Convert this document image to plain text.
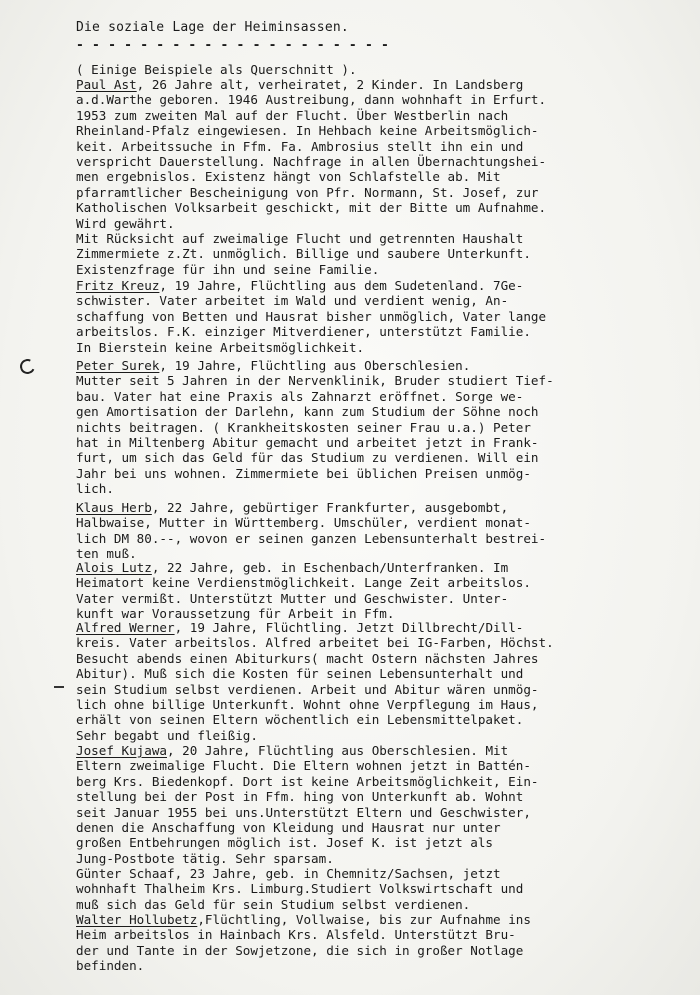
Die soziale Lage der Heiminsassen.
- - - - - - - - - - - - - - - - - - - -
( Einige Beispiele als Querschnitt ).
Paul Ast, 26 Jahre alt, verheiratet, 2 Kinder. In Landsberg
a.d.Warthe geboren. 1946 Austreibung, dann wohnhaft in Erfurt.
1953 zum zweiten Mal auf der Flucht. Über Westberlin nach
Rheinland-Pfalz eingewiesen. In Hehbach keine Arbeitsmöglich-
keit. Arbeitssuche in Ffm. Fa. Ambrosius stellt ihn ein und
verspricht Dauerstellung. Nachfrage in allen Übernachtungshei-
men ergebnislos. Existenz hängt von Schlafstelle ab. Mit
pfarramtlicher Bescheinigung von Pfr. Normann, St. Josef, zur
Katholischen Volksarbeit geschickt, mit der Bitte um Aufnahme.
Wird gewährt.
Mit Rücksicht auf zweimalige Flucht und getrennten Haushalt
Zimmermiete z.Zt. unmöglich. Billige und saubere Unterkunft.
Existenzfrage für ihn und seine Familie.
Fritz Kreuz, 19 Jahre, Flüchtling aus dem Sudetenland. 7Ge-
schwister. Vater arbeitet im Wald und verdient wenig, An-
schaffung von Betten und Hausrat bisher unmöglich, Vater lange
arbeitslos. F.K. einziger Mitverdiener, unterstützt Familie.
In Bierstein keine Arbeitsmöglichkeit.
Peter Surek, 19 Jahre, Flüchtling aus Oberschlesien.
Mutter seit 5 Jahren in der Nervenklinik, Bruder studiert Tief-
bau. Vater hat eine Praxis als Zahnarzt eröffnet. Sorge we-
gen Amortisation der Darlehn, kann zum Studium der Söhne noch
nichts beitragen. ( Krankheitskosten seiner Frau u.a.) Peter
hat in Miltenberg Abitur gemacht und arbeitet jetzt in Frank-
furt, um sich das Geld für das Studium zu verdienen. Will ein
Jahr bei uns wohnen. Zimmermiete bei üblichen Preisen unmög-
lich.
Klaus Herb, 22 Jahre, gebürtiger Frankfurter, ausgebombt,
Halbwaise, Mutter in Württemberg. Umschüler, verdient monat-
lich DM 80.--, wovon er seinen ganzen Lebensunterhalt bestrei-
ten muß.
Alois Lutz, 22 Jahre, geb. in Eschenbach/Unterfranken. Im
Heimatort keine Verdienstmöglichkeit. Lange Zeit arbeitslos.
Vater vermißt. Unterstützt Mutter und Geschwister. Unter-
kunft war Voraussetzung für Arbeit in Ffm.
Alfred Werner, 19 Jahre, Flüchtling. Jetzt Dillbrecht/Dill-
kreis. Vater arbeitslos. Alfred arbeitet bei IG-Farben, Höchst.
Besucht abends einen Abiturkurs( macht Ostern nächsten Jahres
Abitur). Muß sich die Kosten für seinen Lebensunterhalt und
sein Studium selbst verdienen. Arbeit und Abitur wären unmög-
lich ohne billige Unterkunft. Wohnt ohne Verpflegung im Haus,
erhält von seinen Eltern wöchentlich ein Lebensmittelpaket.
Sehr begabt und fleißig.
Josef Kujawa, 20 Jahre, Flüchtling aus Oberschlesien. Mit
Eltern zweimalige Flucht. Die Eltern wohnen jetzt in Battén-
berg Krs. Biedenkopf. Dort ist keine Arbeitsmöglichkeit, Ein-
stellung bei der Post in Ffm. hing von Unterkunft ab. Wohnt
seit Januar 1955 bei uns.Unterstützt Eltern und Geschwister,
denen die Anschaffung von Kleidung und Hausrat nur unter
großen Entbehrungen möglich ist. Josef K. ist jetzt als
Jung-Postbote tätig. Sehr sparsam.
Günter Schaaf, 23 Jahre, geb. in Chemnitz/Sachsen, jetzt
wohnhaft Thalheim Krs. Limburg.Studiert Volkswirtschaft und
muß sich das Geld für sein Studium selbst verdienen.
Walter Hollubetz,Flüchtling, Vollwaise, bis zur Aufnahme ins
Heim arbeitslos in Hainbach Krs. Alsfeld. Unterstützt Bru-
der und Tante in der Sowjetzone, die sich in großer Notlage
befinden.
